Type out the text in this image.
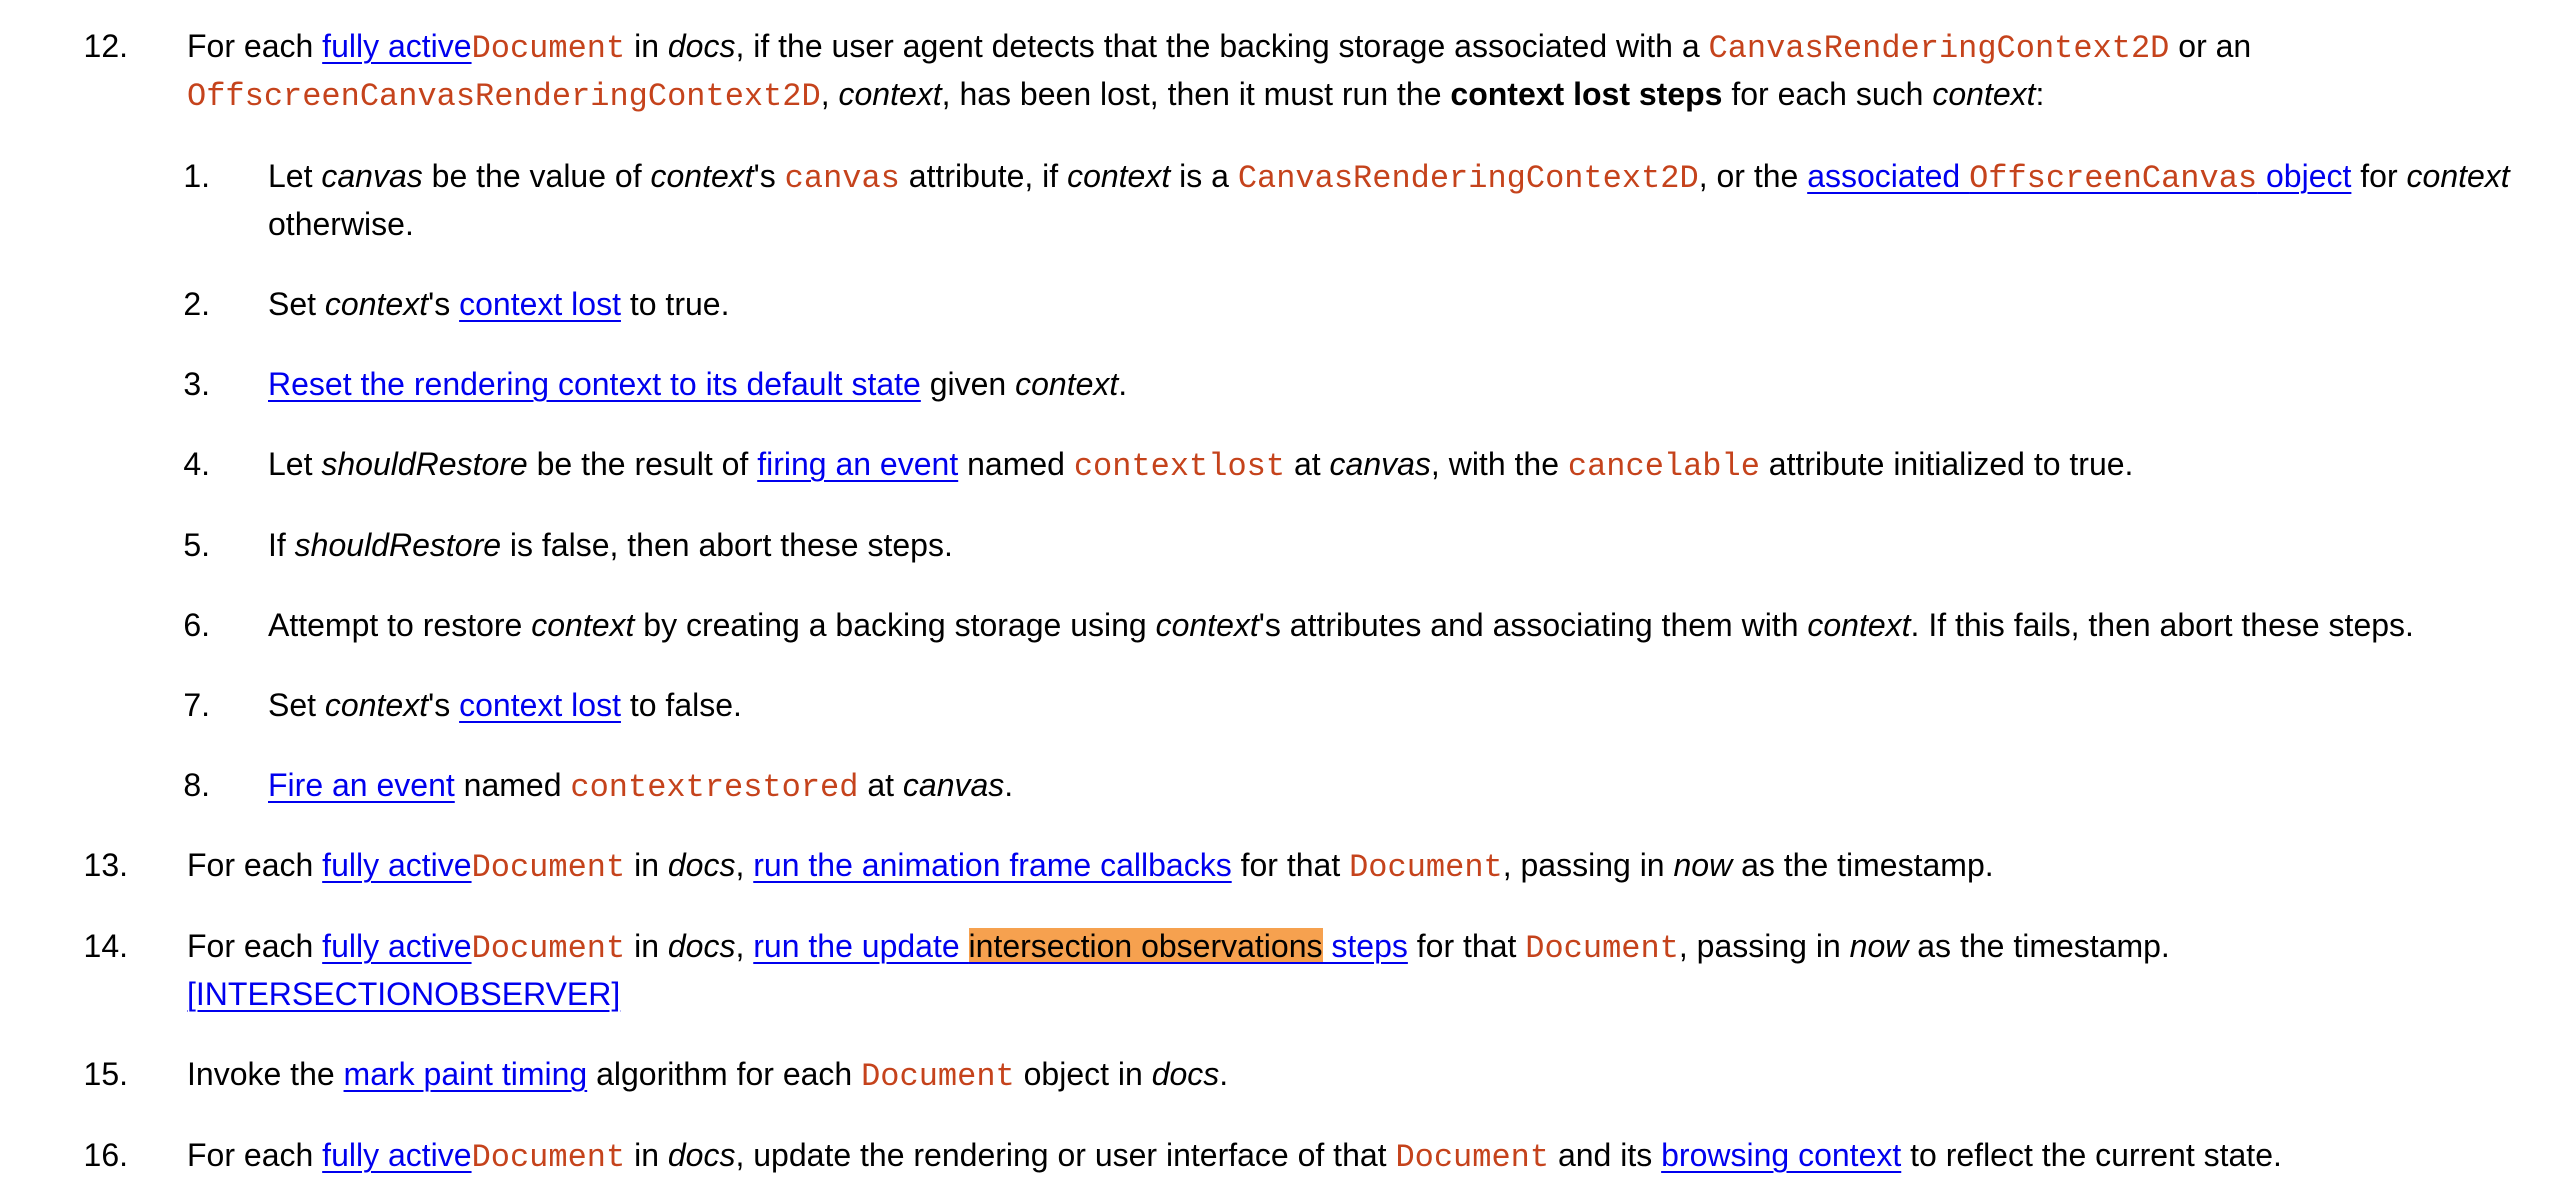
12. For each fully activeDocument in docs, if the user agent detects that the backing storage associated with a CanvasRenderingContext2D or an
OffscreenCanvasRenderingContext2D, context, has been lost, then it must run the context lost steps for each such context:
1. Let canvas be the value of context's canvas attribute, if context is a CanvasRenderingContext2D, or the associated OffscreenCanvas object for context
otherwise.
2. Set context's context lost to true.
3. Reset the rendering context to its default state given context.
4. Let shouldRestore be the result of firing an event named contextlost at canvas, with the cancelable attribute initialized to true.
5. If shouldRestore is false, then abort these steps.
6. Attempt to restore context by creating a backing storage using context's attributes and associating them with context. If this fails, then abort these steps.
7. Set context's context lost to false.
8. Fire an event named contextrestored at canvas.
13. For each fully activeDocument in docs, run the animation frame callbacks for that Document, passing in now as the timestamp.
14. For each fully activeDocument in docs, run the update intersection observations steps for that Document, passing in now as the timestamp.
[INTERSECTIONOBSERVER]
15. Invoke the mark paint timing algorithm for each Document object in docs.
16. For each fully activeDocument in docs, update the rendering or user interface of that Document and its browsing context to reflect the current state.
